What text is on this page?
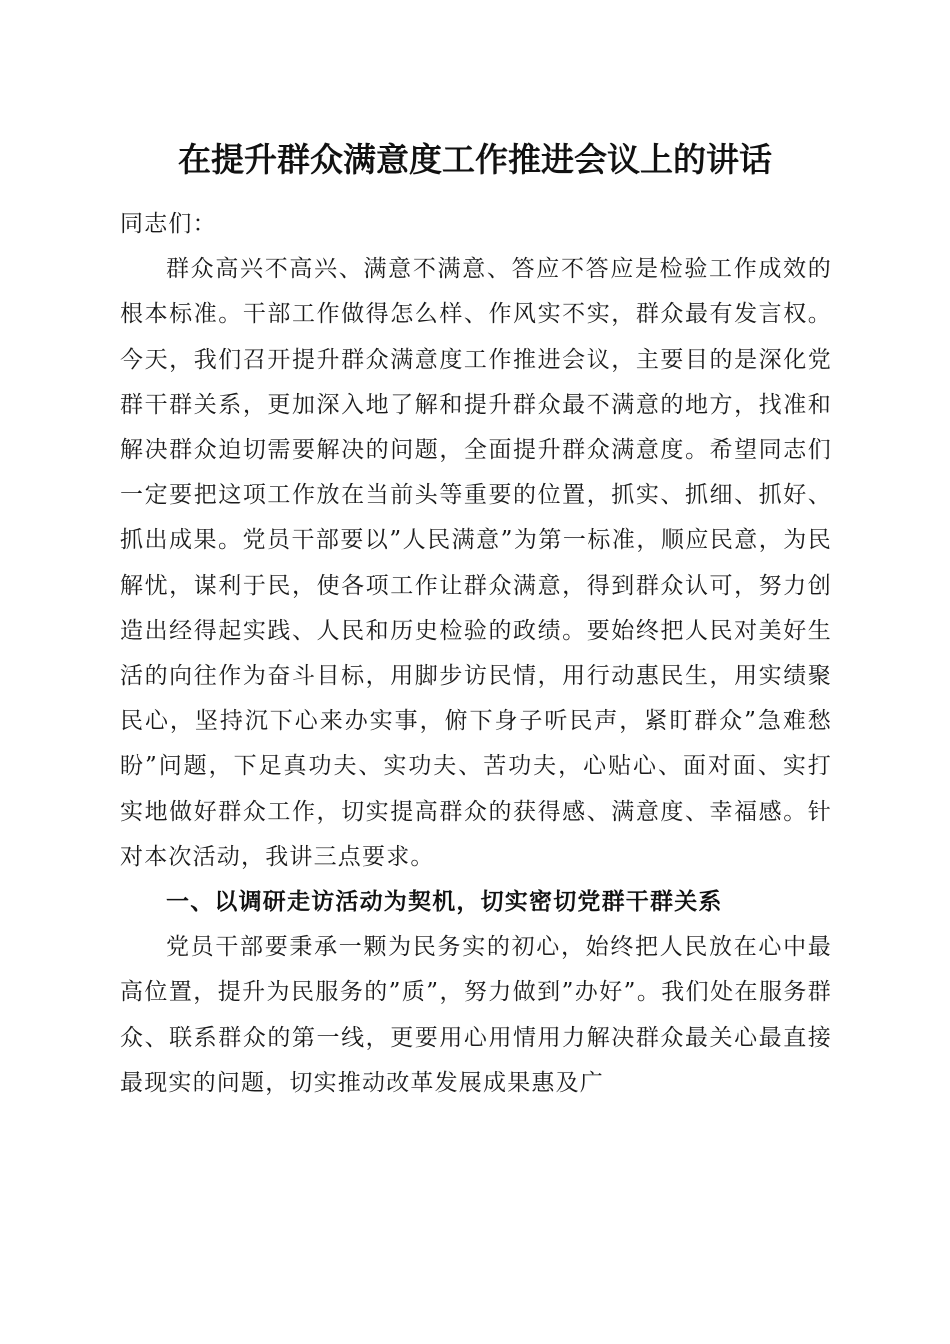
在提升群众满意度工作推进会议上的讲话

同志们：

群众高兴不高兴、满意不满意、答应不答应是检验工作成效的根本标准。干部工作做得怎么样、作风实不实，群众最有发言权。今天，我们召开提升群众满意度工作推进会议，主要目的是深化党群干群关系，更加深入地了解和提升群众最不满意的地方，找准和解决群众迫切需要解决的问题，全面提升群众满意度。希望同志们一定要把这项工作放在当前头等重要的位置，抓实、抓细、抓好、抓出成果。党员干部要以”人民满意”为第一标准，顺应民意，为民解忧，谋利于民，使各项工作让群众满意，得到群众认可，努力创造出经得起实践、人民和历史检验的政绩。要始终把人民对美好生活的向往作为奋斗目标，用脚步访民情，用行动惠民生，用实绩聚民心，坚持沉下心来办实事，俯下身子听民声，紧盯群众”急难愁盼”问题，下足真功夫、实功夫、苦功夫，心贴心、面对面、实打实地做好群众工作，切实提高群众的获得感、满意度、幸福感。针对本次活动，我讲三点要求。

一、以调研走访活动为契机，切实密切党群干群关系

党员干部要秉承一颗为民务实的初心，始终把人民放在心中最高位置，提升为民服务的”质”，努力做到”办好”。我们处在服务群众、联系群众的第一线，更要用心用情用力解决群众最关心最直接最现实的问题，切实推动改革发展成果惠及广
